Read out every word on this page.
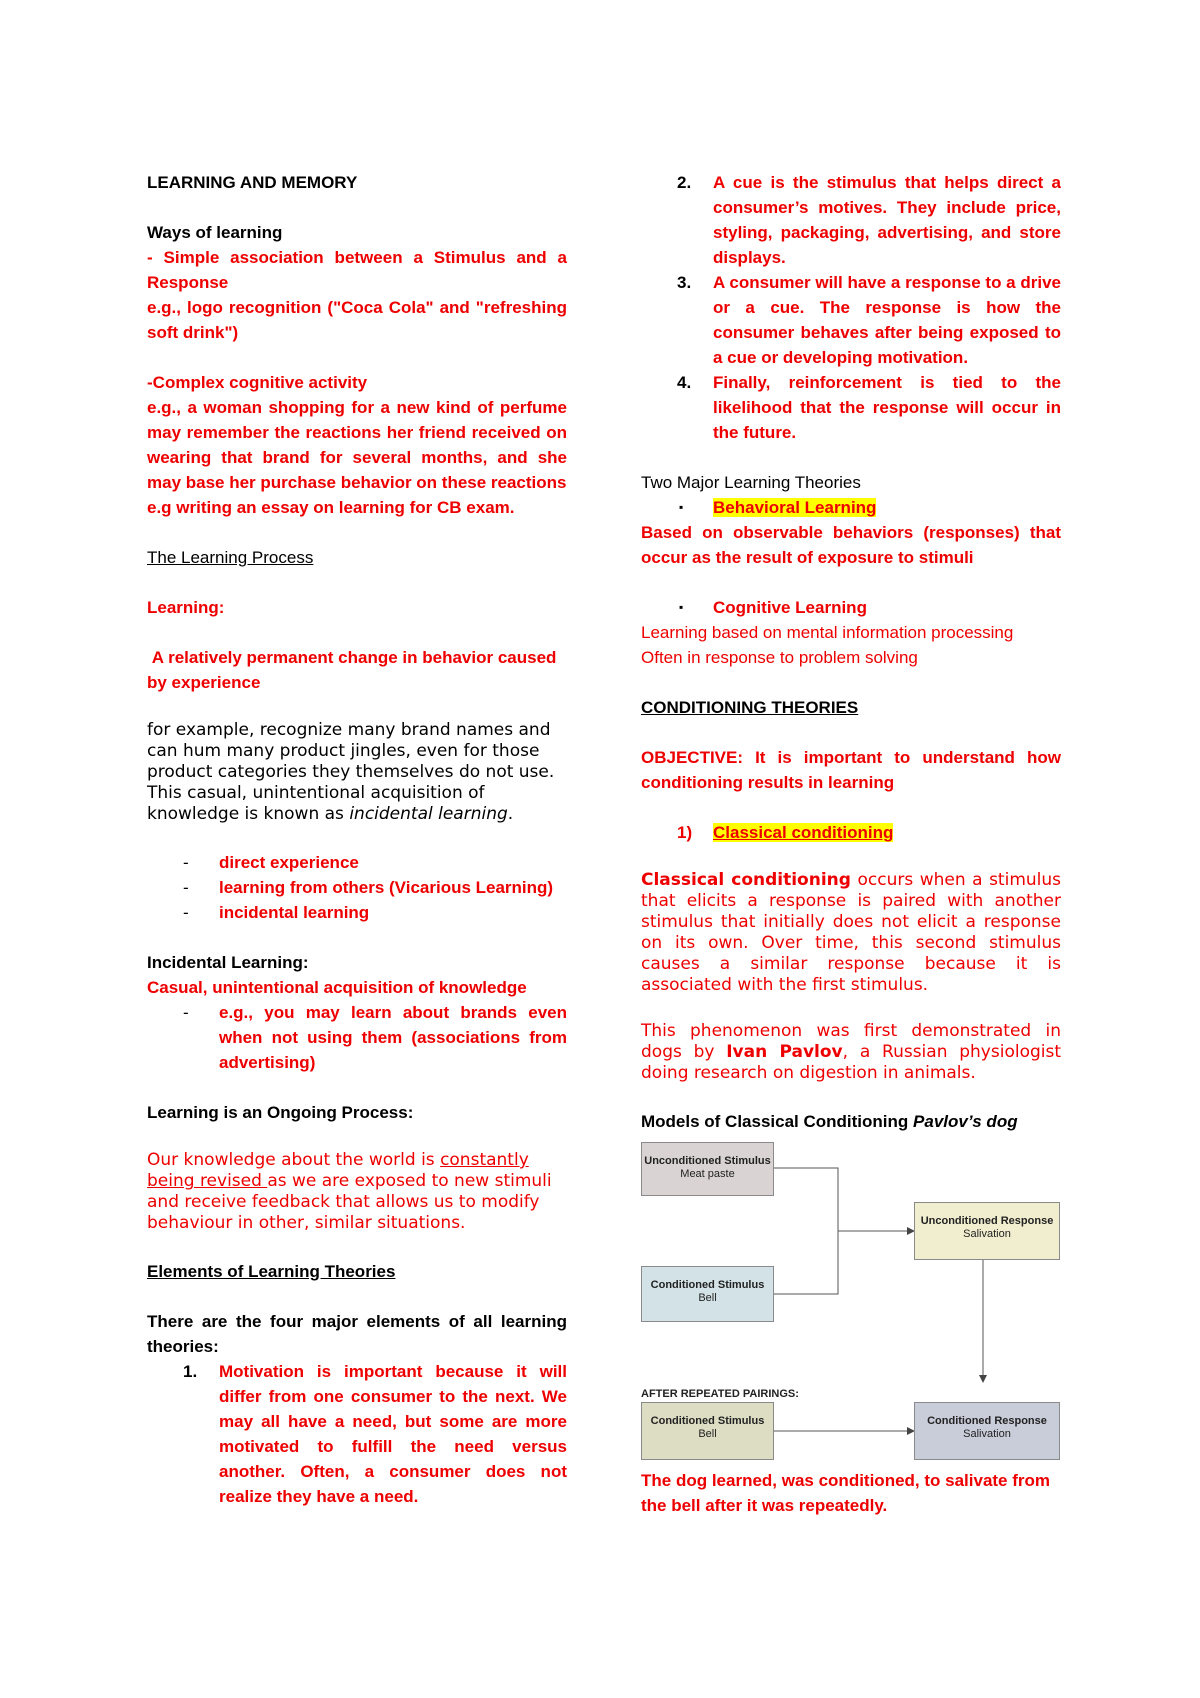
LEARNING AND MEMORY

Ways of learning

- Simple association between a Stimulus and a Response

e.g., logo recognition ("Coca Cola" and "refreshing soft drink")

-Complex cognitive activity

e.g., a woman shopping for a new kind of perfume may remember the reactions her friend received on wearing that brand for several months, and she may base her purchase behavior on these reactions

e.g writing an essay on learning for CB exam.

The Learning Process

Learning:

A relatively permanent change in behavior caused by experience

for example, recognize many brand names and can hum many product jingles, even for those product categories they themselves do not use. This casual, unintentional acquisition of knowledge is known as incidental learning.

- direct experience
- learning from others (Vicarious Learning)
- incidental learning

Incidental Learning:

Casual, unintentional acquisition of knowledge

- e.g., you may learn about brands even when not using them (associations from advertising)

Learning is an Ongoing Process:

Our knowledge about the world is constantly being revised as we are exposed to new stimuli and receive feedback that allows us to modify behaviour in other, similar situations.

Elements of Learning Theories

There are the four major elements of all learning theories:

1. Motivation is important because it will differ from one consumer to the next. We may all have a need, but some are more motivated to fulfill the need versus another. Often, a consumer does not realize they have a need.
2. A cue is the stimulus that helps direct a consumer’s motives. They include price, styling, packaging, advertising, and store displays.
3. A consumer will have a response to a drive or a cue. The response is how the consumer behaves after being exposed to a cue or developing motivation.
4. Finally, reinforcement is tied to the likelihood that the response will occur in the future.

Two Major Learning Theories

▪ Behavioral Learning

Based on observable behaviors (responses) that occur as the result of exposure to stimuli

▪ Cognitive Learning

Learning based on mental information processing

Often in response to problem solving

CONDITIONING THEORIES

OBJECTIVE: It is important to understand how conditioning results in learning

1) Classical conditioning

Classical conditioning occurs when a stimulus that elicits a response is paired with another stimulus that initially does not elicit a response on its own. Over time, this second stimulus causes a similar response because it is associated with the first stimulus.

This phenomenon was first demonstrated in dogs by Ivan Pavlov, a Russian physiologist doing research on digestion in animals.

Models of Classical Conditioning Pavlov’s dog

Unconditioned Stimulus
Meat paste
Unconditioned Response
Salivation
Conditioned Stimulus
Bell
AFTER REPEATED PAIRINGS:
Conditioned Stimulus
Bell
Conditioned Response
Salivation

The dog learned, was conditioned, to salivate from the bell after it was repeatedly.
